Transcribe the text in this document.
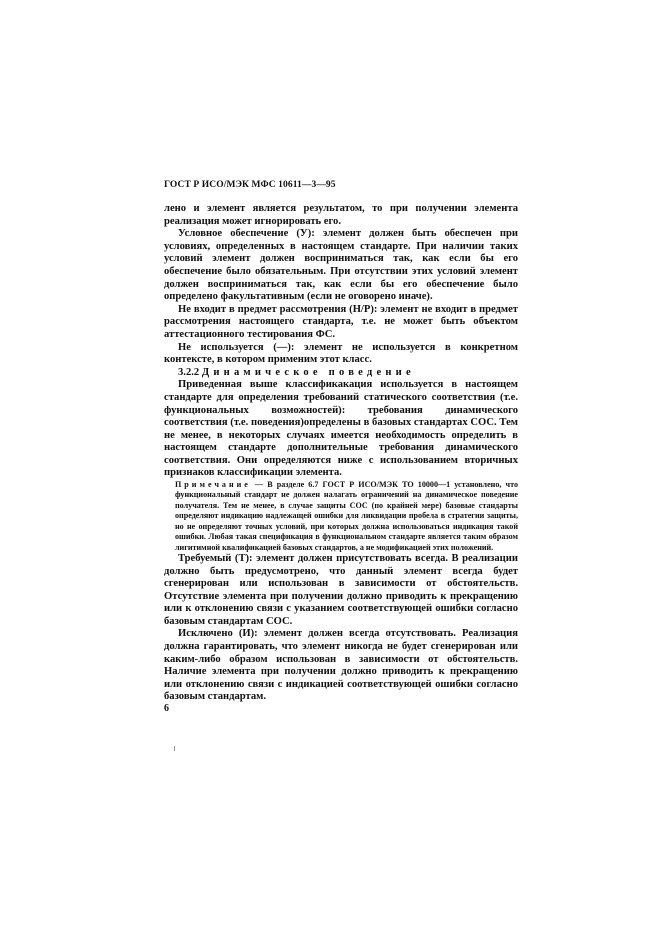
ГОСТ Р ИСО/МЭК МФС 10611—3—95

лено и элемент является результатом, то при получении элемента реализация может игнорировать его.

Условное обеспечение (У): элемент должен быть обеспечен при условиях, определенных в настоящем стандарте. При наличии таких условий элемент должен восприниматься так, как если бы его обеспечение было обязательным. При отсутствии этих условий элемент должен восприниматься так, как если бы его обеспечение было определено факультативным (если не оговорено иначе).

Не входит в предмет рассмотрения (Н/Р): элемент не входит в предмет рассмотрения настоящего стандарта, т.е. не может быть объектом аттестационного тестирования ФС.

Не используется (—): элемент не используется в конкретном контексте, в котором применим этот класс.

3.2.2 Динамическое поведение

Приведенная выше классификакация используется в настоящем стандарте для определения требований статического соответствия (т.е. функциональных возможностей): требования динамического соответствия (т.е. поведения)определены в базовых стандартах СОС. Тем не менее, в некоторых случаях имеется необходимость определить в настоящем стандарте дополнительные требования динамического соответствия. Они определяются ниже с использованием вторичных признаков классификации элемента.

Примечание — В разделе 6.7 ГОСТ Р ИСО/МЭК ТО 10000—1 установлено, что функциональный стандарт не должен налагать ограничений на динамическое поведение получателя. Тем не менее, в случае защиты СОС (по крайней мере) базовые стандарты определяют индикацию надлежащей ошибки для ликвидации пробела в стратегии защиты, но не определяют точных условий, при которых должна использоваться индикация такой ошибки. Любая такая спецификация в функциональном стандарте является таким образом лигитимной квалификацией базовых стандартов, а не модификацией этих положений.

Требуемый (Т): элемент должен присутствовать всегда. В реализации должно быть предусмотрено, что данный элемент всегда будет сгенерирован или использован в зависимости от обстоятельств. Отсутствие элемента при получении должно приводить к прекращению или к отклонению связи с указанием соответствующей ошибки согласно базовым стандартам СОС.

Исключено (И): элемент должен всегда отсутствовать. Реализация должна гарантировать, что элемент никогда не будет сгенерирован или каким-либо образом использован в зависимости от обстоятельств. Наличие элемента при получении должно приводить к прекращению или отклонению связи с индикацией соответствующей ошибки согласно базовым стандартам.

6
